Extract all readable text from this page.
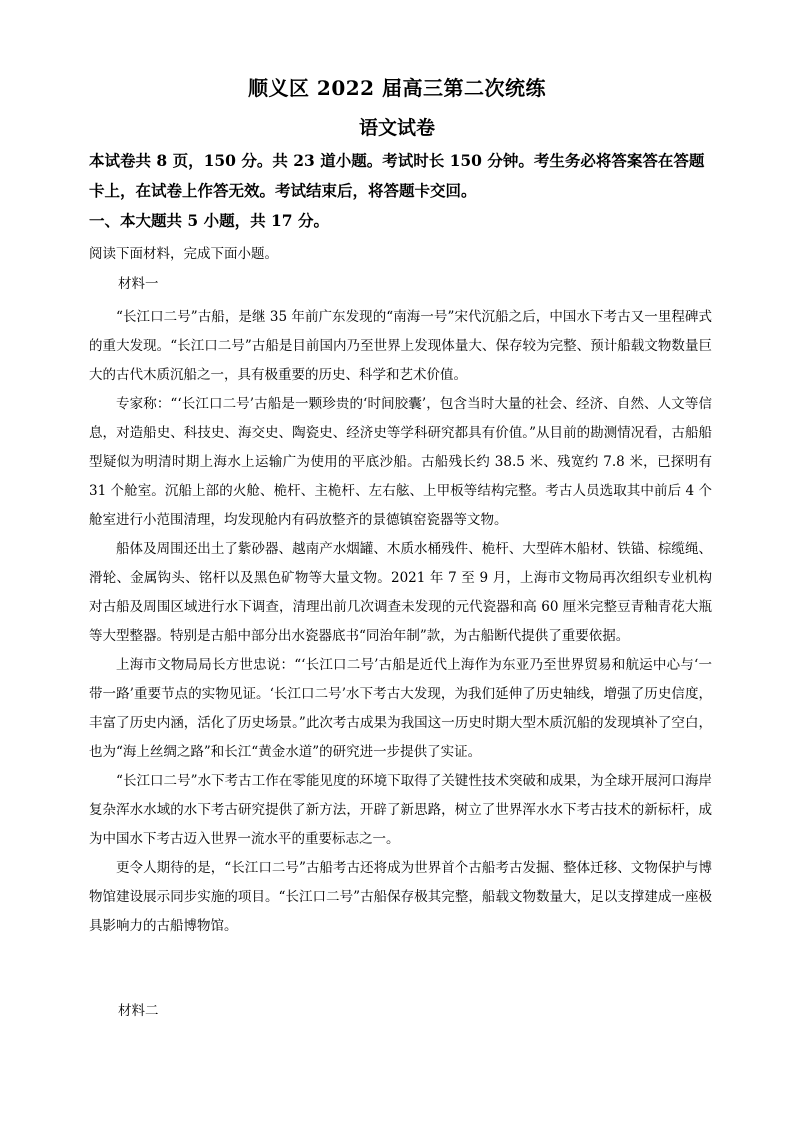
顺义区 2022 届高三第二次统练
语文试卷
本试卷共 8 页，150 分。共 23 道小题。考试时长 150 分钟。考生务必将答案答在答题卡上，在试卷上作答无效。考试结束后，将答题卡交回。
一、本大题共 5 小题，共 17 分。
阅读下面材料，完成下面小题。
材料一

“长江口二号”古船，是继 35 年前广东发现的“南海一号”宋代沉船之后，中国水下考古又一里程碑式的重大发现。“长江口二号”古船是目前国内乃至世界上发现体量大、保存较为完整、预计船载文物数量巨大的古代木质沉船之一，具有极重要的历史、科学和艺术价值。

专家称：“‘长江口二号’古船是一颗珍贵的‘时间胶囊’，包含当时大量的社会、经济、自然、人文等信息，对造船史、科技史、海交史、陶瓷史、经济史等学科研究都具有价值。”从目前的勘测情况看，古船船型疑似为明清时期上海水上运输广为使用的平底沙船。古船残长约 38.5 米、残宽约 7.8 米，已探明有 31 个舱室。沉船上部的火舱、桅杆、主桅杆、左右舷、上甲板等结构完整。考古人员选取其中前后 4 个舱室进行小范围清理，均发现舱内有码放整齐的景德镇窑瓷器等文物。

船体及周围还出土了紫砂器、越南产水烟罐、木质水桶残件、桅杆、大型砗木船材、铁锚、棕缆绳、滑轮、金属钩头、铭杆以及黑色矿物等大量文物。2021 年 7 至 9 月，上海市文物局再次组织专业机构对古船及周围区域进行水下调查，清理出前几次调查未发现的元代瓷器和高 60 厘米完整豆青釉青花大瓶等大型整器。特别是古船中部分出水瓷器底书“同治年制”款，为古船断代提供了重要依据。

上海市文物局局长方世忠说：“‘长江口二号’古船是近代上海作为东亚乃至世界贸易和航运中心与‘一带一路’重要节点的实物见证。‘长江口二号’水下考古大发现，为我们延伸了历史轴线，增强了历史信度，丰富了历史内涵，活化了历史场景。”此次考古成果为我国这一历史时期大型木质沉船的发现填补了空白，也为“海上丝绸之路”和长江“黄金水道”的研究进一步提供了实证。

“长江口二号”水下考古工作在零能见度的环境下取得了关键性技术突破和成果，为全球开展河口海岸复杂浑水水域的水下考古研究提供了新方法，开辟了新思路，树立了世界浑水水下考古技术的新标杆，成为中国水下考古迈入世界一流水平的重要标志之一。

更令人期待的是，“长江口二号”古船考古还将成为世界首个古船考古发掘、整体迁移、文物保护与博物馆建设展示同步实施的项目。“长江口二号”古船保存极其完整，船载文物数量大，足以支撑建成一座极具影响力的古船博物馆。

材料二
